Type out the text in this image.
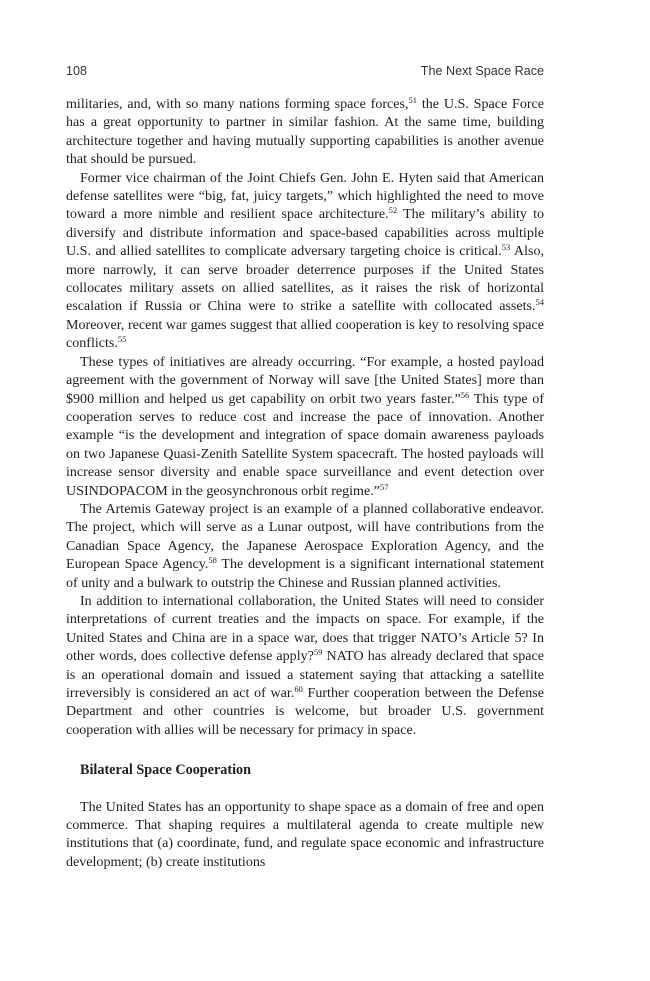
108	The Next Space Race

militaries, and, with so many nations forming space forces,$^{51}$ the U.S. Space Force has a great opportunity to partner in similar fashion. At the same time, building architecture together and having mutually supporting capabilities is another avenue that should be pursued.

Former vice chairman of the Joint Chiefs Gen. John E. Hyten said that American defense satellites were “big, fat, juicy targets,” which highlighted the need to move toward a more nimble and resilient space architecture.$^{52}$ The military’s ability to diversify and distribute information and space-based capabilities across multiple U.S. and allied satellites to complicate adversary targeting choice is critical.$^{53}$ Also, more narrowly, it can serve broader deterrence purposes if the United States collocates military assets on allied satellites, as it raises the risk of horizontal escalation if Russia or China were to strike a satellite with collocated assets.$^{54}$ Moreover, recent war games suggest that allied cooperation is key to resolving space conflicts.$^{55}$

These types of initiatives are already occurring. “For example, a hosted payload agreement with the government of Norway will save [the United States] more than $900 million and helped us get capability on orbit two years faster.”$^{56}$ This type of cooperation serves to reduce cost and increase the pace of innovation. Another example “is the development and integration of space domain awareness payloads on two Japanese Quasi-Zenith Satellite System spacecraft. The hosted payloads will increase sensor diversity and enable space surveillance and event detection over USINDOPACOM in the geosynchronous orbit regime.”$^{57}$

The Artemis Gateway project is an example of a planned collaborative endeavor. The project, which will serve as a Lunar outpost, will have contributions from the Canadian Space Agency, the Japanese Aerospace Exploration Agency, and the European Space Agency.$^{58}$ The development is a significant international statement of unity and a bulwark to outstrip the Chinese and Russian planned activities.

In addition to international collaboration, the United States will need to consider interpretations of current treaties and the impacts on space. For example, if the United States and China are in a space war, does that trigger NATO’s Article 5? In other words, does collective defense apply?$^{59}$ NATO has already declared that space is an operational domain and issued a statement saying that attacking a satellite irreversibly is considered an act of war.$^{60}$ Further cooperation between the Defense Department and other countries is welcome, but broader U.S. government cooperation with allies will be necessary for primacy in space.

Bilateral Space Cooperation

The United States has an opportunity to shape space as a domain of free and open commerce. That shaping requires a multilateral agenda to create multiple new institutions that (a) coordinate, fund, and regulate space economic and infrastructure development; (b) create institutions
